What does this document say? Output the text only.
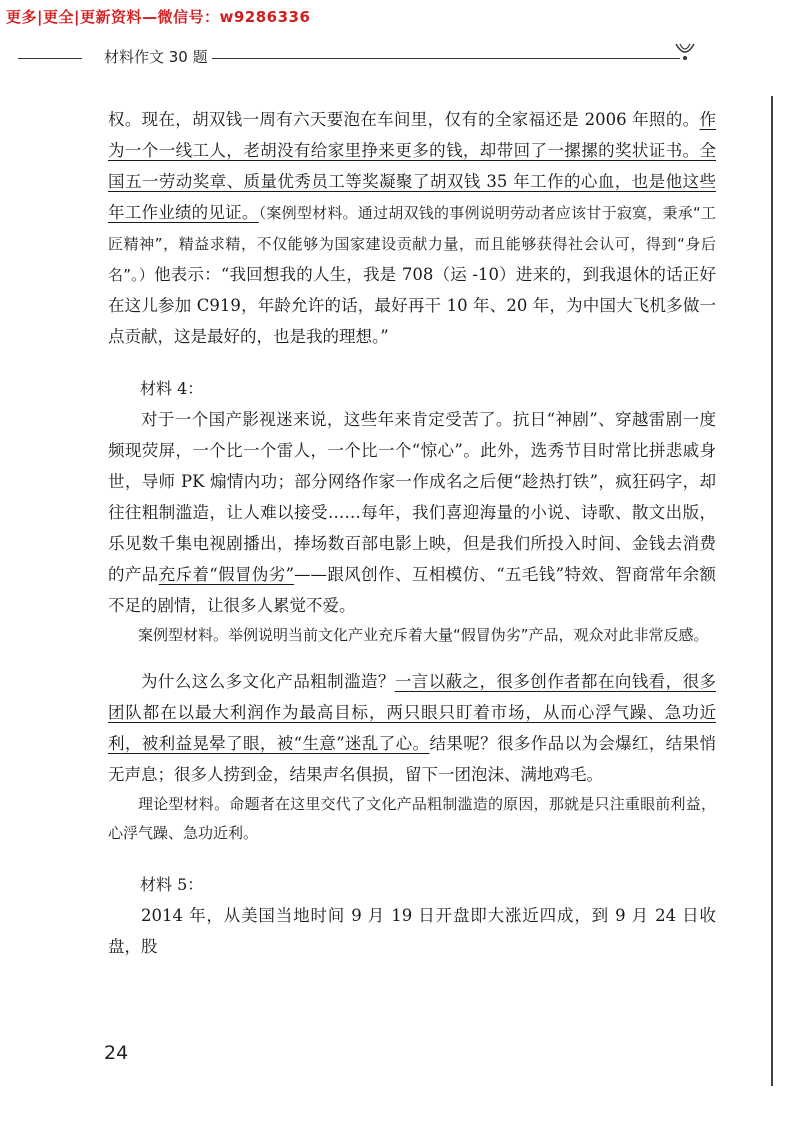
更多|更全|更新资料—微信号：w9286336
材料作文 30 题

权。现在，胡双钱一周有六天要泡在车间里，仅有的全家福还是 2006 年照的。作为一个一线工人，老胡没有给家里挣来更多的钱，却带回了一摞摞的奖状证书。全国五一劳动奖章、质量优秀员工等奖凝聚了胡双钱 35 年工作的心血，也是他这些年工作业绩的见证。（案例型材料。通过胡双钱的事例说明劳动者应该甘于寂寞，秉承“工匠精神”，精益求精，不仅能够为国家建设贡献力量，而且能够获得社会认可，得到“身后名”。）他表示：“我回想我的人生，我是 708（运 -10）进来的，到我退休的话正好在这儿参加 C919，年龄允许的话，最好再干 10 年、20 年，为中国大飞机多做一点贡献，这是最好的，也是我的理想。”

材料 4：

对于一个国产影视迷来说，这些年来肯定受苦了。抗日“神剧”、穿越雷剧一度频现荧屏，一个比一个雷人，一个比一个“惊心”。此外，选秀节目时常比拼悲戚身世，导师 PK 煽情内功；部分网络作家一作成名之后便“趁热打铁”，疯狂码字，却往往粗制滥造，让人难以接受……每年，我们喜迎海量的小说、诗歌、散文出版，乐见数千集电视剧播出，捧场数百部电影上映，但是我们所投入时间、金钱去消费的产品充斥着“假冒伪劣”——跟风创作、互相模仿、“五毛钱”特效、智商常年余额不足的剧情，让很多人累觉不爱。

案例型材料。举例说明当前文化产业充斥着大量“假冒伪劣”产品，观众对此非常反感。

为什么这么多文化产品粗制滥造？一言以蔽之，很多创作者都在向钱看，很多团队都在以最大利润作为最高目标，两只眼只盯着市场，从而心浮气躁、急功近利，被利益晃晕了眼，被“生意”迷乱了心。结果呢？很多作品以为会爆红，结果悄无声息；很多人捞到金，结果声名俱损，留下一团泡沫、满地鸡毛。

理论型材料。命题者在这里交代了文化产品粗制滥造的原因，那就是只注重眼前利益，心浮气躁、急功近利。

材料 5：

2014 年，从美国当地时间 9 月 19 日开盘即大涨近四成，到 9 月 24 日收盘，股

24
